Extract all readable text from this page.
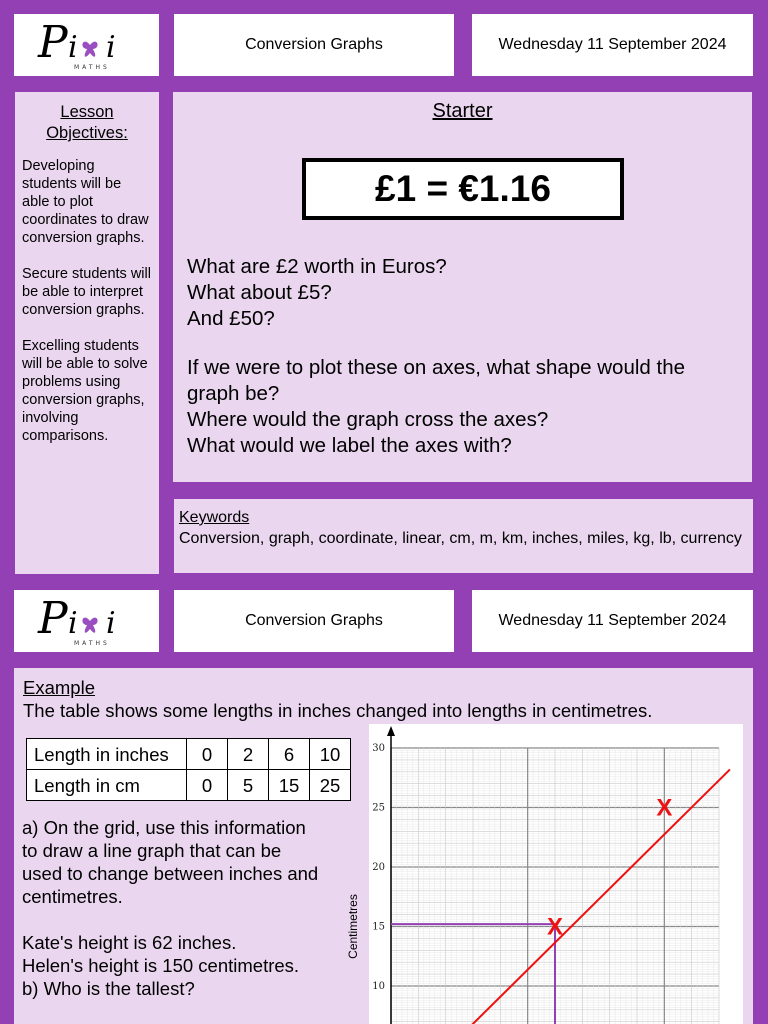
P i i
MATHS
Conversion Graphs	Wednesday 11 September 2024
Lesson Objectives:

Developing students will be able to plot coordinates to draw conversion graphs.

Secure students will be able to interpret conversion graphs.

Excelling students will be able to solve problems using conversion graphs, involving comparisons.

Starter
£1 = €1.16
What are £2 worth in Euros?
What about £5?
And £50?
If we were to plot these on axes, what shape would the graph be?
Where would the graph cross the axes?
What would we label the axes with?
Keywords
Conversion, graph, coordinate, linear, cm, m, km, inches, miles, kg, lb, currency
P i i
MATHS
Conversion Graphs	Wednesday 11 September 2024
Example
The table shows some lengths in inches changed into lengths in centimetres.
Length in inches	0	2	6	10
Length in cm	0	5	15	25
a) On the grid, use this information to draw a line graph that can be used to change between inches and centimetres.
Kate's height is 62 inches.
Helen's height is 150 centimetres.
b) Who is the tallest?	10
15
20
25
30
Centimetres	X
X
